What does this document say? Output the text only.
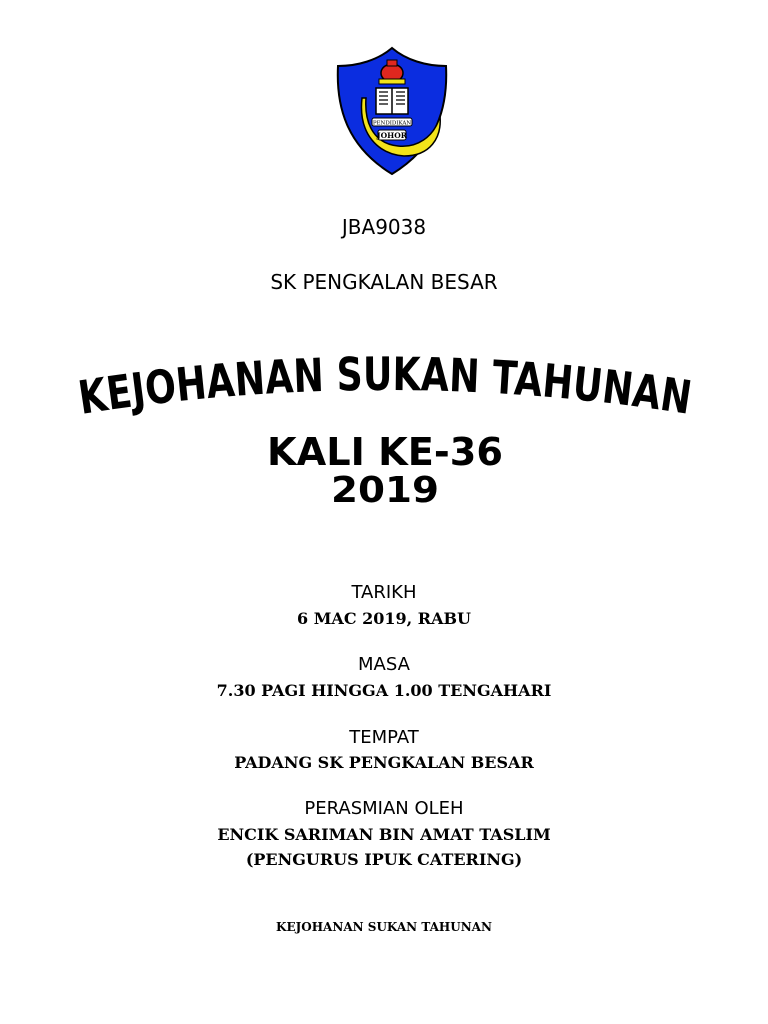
PENDIDIKAN
JOHOR

JBA9038

SK PENGKALAN BESAR

KEJOHANAN SUKAN TAHUNAN
KALI KE-36
2019

TARIKH

6 MAC 2019, RABU

MASA

7.30 PAGI HINGGA 1.00 TENGAHARI

TEMPAT

PADANG SK PENGKALAN BESAR

PERASMIAN OLEH

ENCIK SARIMAN BIN AMAT TASLIM

(PENGURUS IPUK CATERING)

KEJOHANAN SUKAN TAHUNAN
